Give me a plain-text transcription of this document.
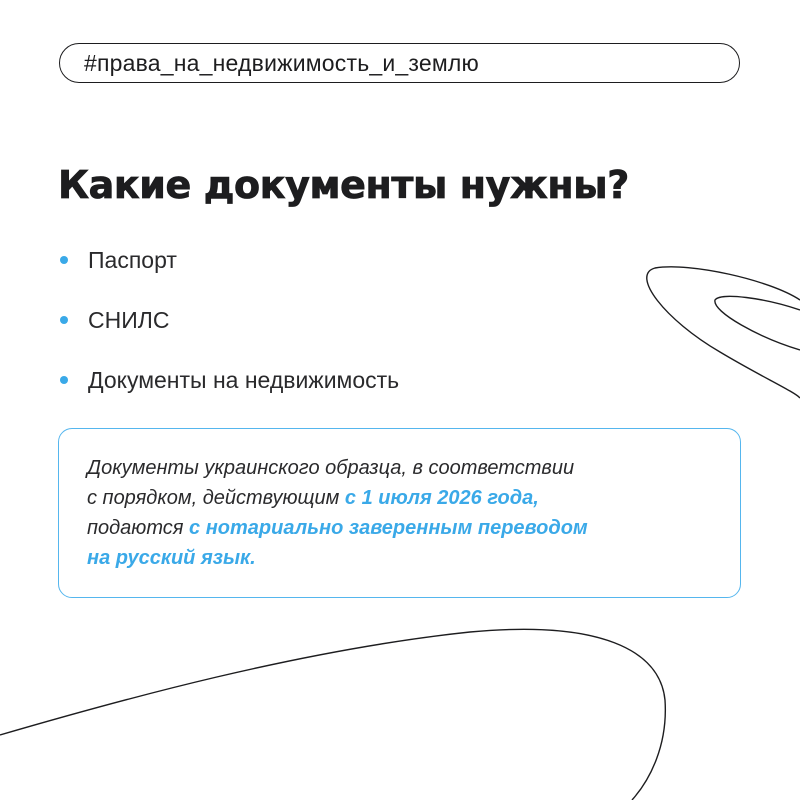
#права_на_недвижимость_и_землю
Какие документы нужны?
Паспорт
СНИЛС
Документы на недвижимость

Документы украинского образца, в соответствии
с порядком, действующим с 1 июля 2026 года,
подаются с нотариально заверенным переводом
на русский язык.
